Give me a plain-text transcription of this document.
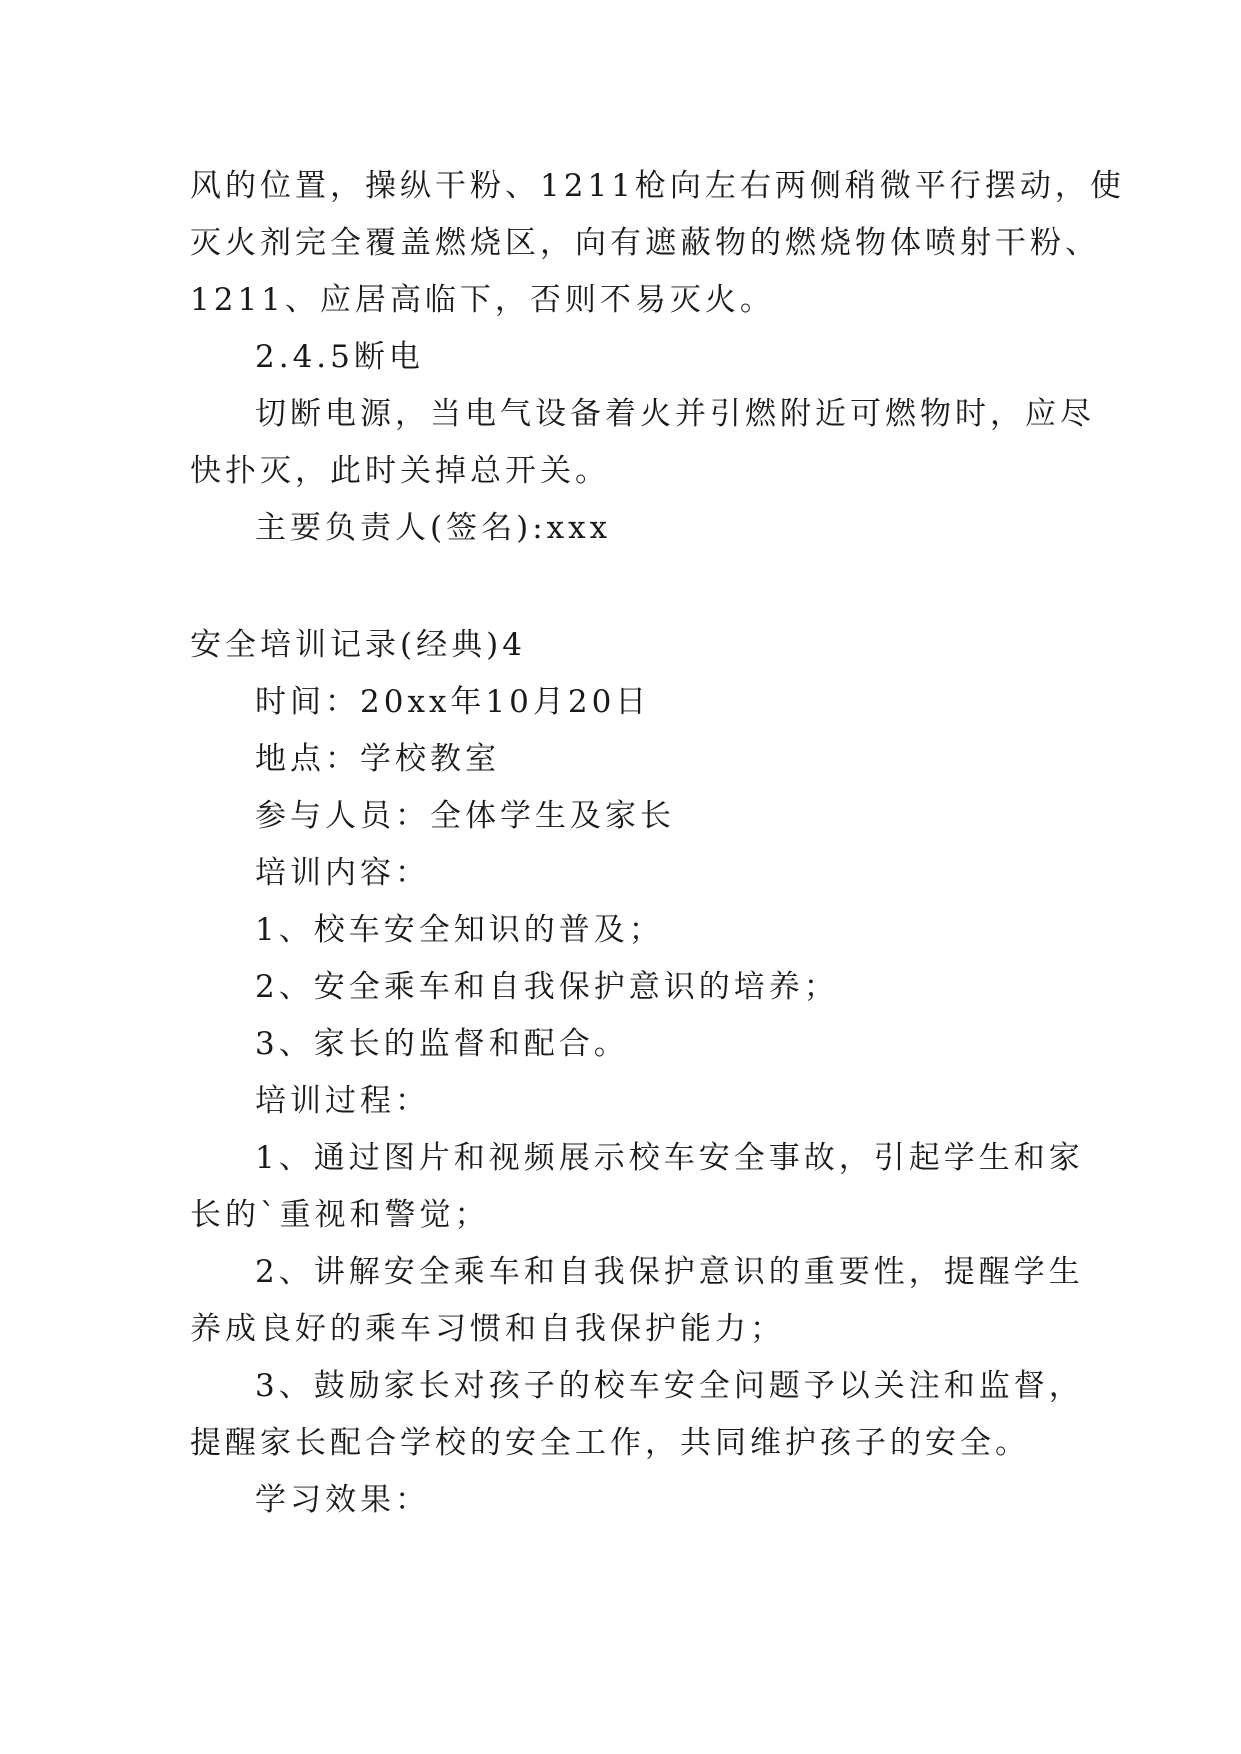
风的位置，操纵干粉、1211枪向左右两侧稍微平行摆动，使
灭火剂完全覆盖燃烧区，向有遮蔽物的燃烧物体喷射干粉、
1211、应居高临下，否则不易灭火。
2.4.5断电
切断电源，当电气设备着火并引燃附近可燃物时，应尽
快扑灭，此时关掉总开关。
主要负责人(签名):xxx
安全培训记录(经典)4
时间：20xx年10月20日
地点：学校教室
参与人员：全体学生及家长
培训内容：
1、校车安全知识的普及；
2、安全乘车和自我保护意识的培养；
3、家长的监督和配合。
培训过程：
1、通过图片和视频展示校车安全事故，引起学生和家
长的`重视和警觉；
2、讲解安全乘车和自我保护意识的重要性，提醒学生
养成良好的乘车习惯和自我保护能力；
3、鼓励家长对孩子的校车安全问题予以关注和监督，
提醒家长配合学校的安全工作，共同维护孩子的安全。
学习效果：
